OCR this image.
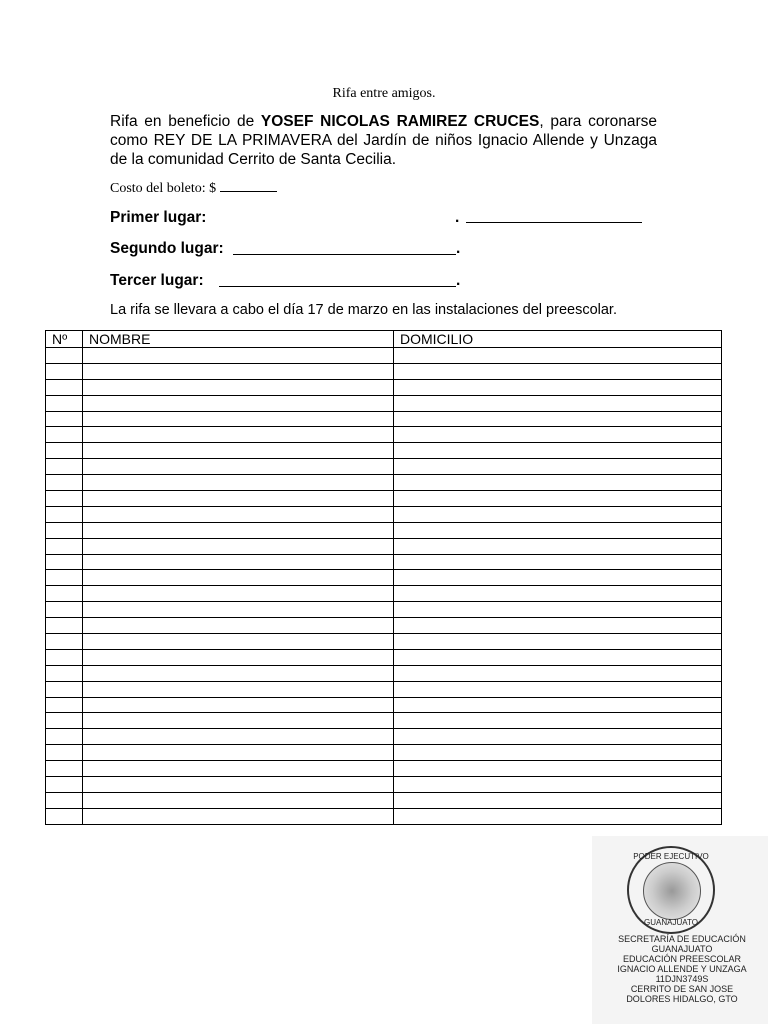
Rifa entre amigos.
Rifa en beneficio de YOSEF NICOLAS RAMIREZ CRUCES, para coronarse como REY DE LA PRIMAVERA del Jardín de niños Ignacio Allende y Unzaga de la comunidad Cerrito de Santa Cecilia.
Costo del boleto: $
Primer lugar:	.
Segundo lugar:	.
Tercer lugar:	.
La rifa se llevara a cabo el día 17 de marzo en las instalaciones del preescolar.
Nº	NOMBRE	DOMICILIO

PODER EJECUTIVO
GUANAJUATO
SECRETARÍA DE EDUCACIÓN
GUANAJUATO
EDUCACIÓN PREESCOLAR
IGNACIO ALLENDE Y UNZAGA
11DJN3749S
CERRITO DE SAN JOSE
DOLORES HIDALGO, GTO
